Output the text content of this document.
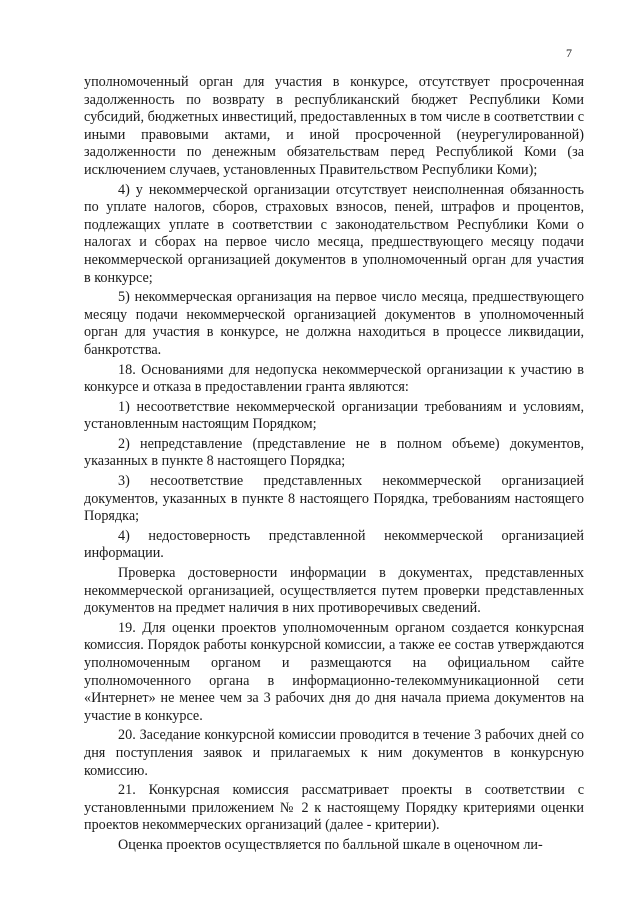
7

уполномоченный орган для участия в конкурсе, отсутствует просроченная задолженность по возврату в республиканский бюджет Республики Коми субсидий, бюджетных инвестиций, предоставленных в том числе в соответствии с иными правовыми актами, и иной просроченной (неурегулированной) задолженности по денежным обязательствам перед Республикой Коми (за исключением случаев, установленных Правительством Республики Коми);

4) у некоммерческой организации отсутствует неисполненная обязанность по уплате налогов, сборов, страховых взносов, пеней, штрафов и процентов, подлежащих уплате в соответствии с законодательством Республики Коми о налогах и сборах на первое число месяца, предшествующего месяцу подачи некоммерческой организацией документов в уполномоченный орган для участия в конкурсе;

5) некоммерческая организация на первое число месяца, предшествующего месяцу подачи некоммерческой организацией документов в уполномоченный орган для участия в конкурсе, не должна находиться в процессе ликвидации, банкротства.

18. Основаниями для недопуска некоммерческой организации к участию в конкурсе и отказа в предоставлении гранта являются:

1) несоответствие некоммерческой организации требованиям и условиям, установленным настоящим Порядком;

2) непредставление (представление не в полном объеме) документов, указанных в пункте 8 настоящего Порядка;

3) несоответствие представленных некоммерческой организацией документов, указанных в пункте 8 настоящего Порядка, требованиям настоящего Порядка;

4) недостоверность представленной некоммерческой организацией информации.

Проверка достоверности информации в документах, представленных некоммерческой организацией, осуществляется путем проверки представленных документов на предмет наличия в них противоречивых сведений.

19. Для оценки проектов уполномоченным органом создается конкурсная комиссия. Порядок работы конкурсной комиссии, а также ее состав утверждаются уполномоченным органом и размещаются на официальном сайте уполномоченного органа в информационно-телекоммуникационной сети «Интернет» не менее чем за 3 рабочих дня до дня начала приема документов на участие в конкурсе.

20. Заседание конкурсной комиссии проводится в течение 3 рабочих дней со дня поступления заявок и прилагаемых к ним документов в конкурсную комиссию.

21. Конкурсная комиссия рассматривает проекты в соответствии с установленными приложением № 2 к настоящему Порядку критериями оценки проектов некоммерческих организаций (далее - критерии).

Оценка проектов осуществляется по балльной шкале в оценочном ли-
